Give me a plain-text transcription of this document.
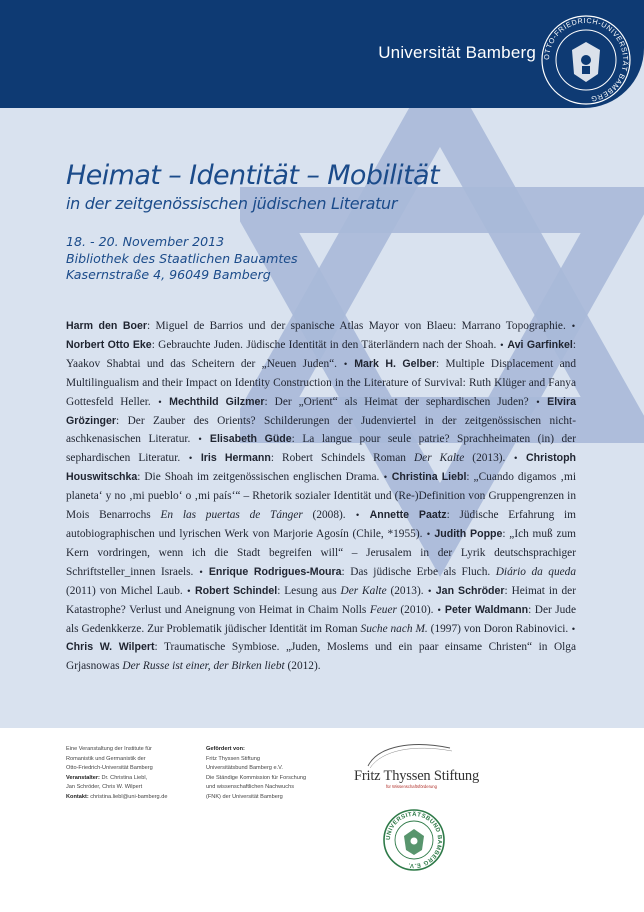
Universität Bamberg OTTO-FRIEDRICH-UNIVERSITÄT BAMBERG
Heimat – Identität – Mobilität
in der zeitgenössischen jüdischen Literatur
18. - 20. November 2013
Bibliothek des Staatlichen Bauamtes
Kasernstraße 4, 96049 Bamberg
Harm den Boer: Miguel de Barrios und der spanische Atlas Mayor von Blaeu: Marrano Topographie. • Norbert Otto Eke: Gebrauchte Juden. Jüdische Identität in den Täterländern nach der Shoah. • Avi Garfinkel: Yaakov Shabtai und das Scheitern der „Neuen Juden“. • Mark H. Gelber: Multiple Displacement and Multilingualism and their Impact on Identity Construction in the Literature of Survival: Ruth Klüger and Fanya Gottesfeld Heller. • Mechthild Gilzmer: Der „Orient“ als Heimat der sephardischen Juden? • Elvira Grözinger: Der Zauber des Orients? Schilderungen der Judenviertel in der zeitgenössischen nicht-aschkenasischen Literatur. • Elisabeth Güde: La langue pour seule patrie? Sprachheimaten (in) der sephardischen Literatur. • Iris Hermann: Robert Schindels Roman Der Kalte (2013). • Christoph Houswitschka: Die Shoah im zeitgenössischen englischen Drama. • Christina Liebl: „Cuando digamos ‚mi planeta‘ y no ‚mi pueblo‘ o ‚mi país‘“ – Rhetorik sozialer Identität und (Re-)Definition von Gruppengrenzen in Mois Benarrochs En las puertas de Tánger (2008). • Annette Paatz: Jüdische Erfahrung im autobiographischen und lyrischen Werk von Marjorie Agosín (Chile, *1955). • Judith Poppe: „Ich muß zum Kern vordringen, wenn ich die Stadt begreifen will“ – Jerusalem in der Lyrik deutschsprachiger Schriftsteller_innen Israels. • Enrique Rodrigues-Moura: Das jüdische Erbe als Fluch. Diário da queda (2011) von Michel Laub. • Robert Schindel: Lesung aus Der Kalte (2013). • Jan Schröder: Heimat in der Katastrophe? Verlust und Aneignung von Heimat in Chaim Nolls Feuer (2010). • Peter Waldmann: Der Jude als Gedenkkerze. Zur Problematik jüdischer Identität im Roman Suche nach M. (1997) von Doron Rabinovici. • Chris W. Wilpert: Traumatische Symbiose. „Juden, Moslems und ein paar einsame Christen“ in Olga Grjasnowas Der Russe ist einer, der Birken liebt (2012).
Eine Veranstaltung der Institute für
Romanistik und Germanistik der
Otto-Friedrich-Universität Bamberg
Veranstalter: Dr. Christina Liebl,
Jan Schröder, Chris W. Wilpert
Kontakt: christina.liebl@uni-bamberg.de
Gefördert von:
Fritz Thyssen Stiftung
Universitätsbund Bamberg e.V.
Die Ständige Kommission für Forschung
und wissenschaftlichen Nachwuchs
(FNK) der Universität Bamberg
Fritz Thyssen Stiftung
für Wissenschaftsförderung
UNIVERSITÄTSBUND BAMBERG E.V.
